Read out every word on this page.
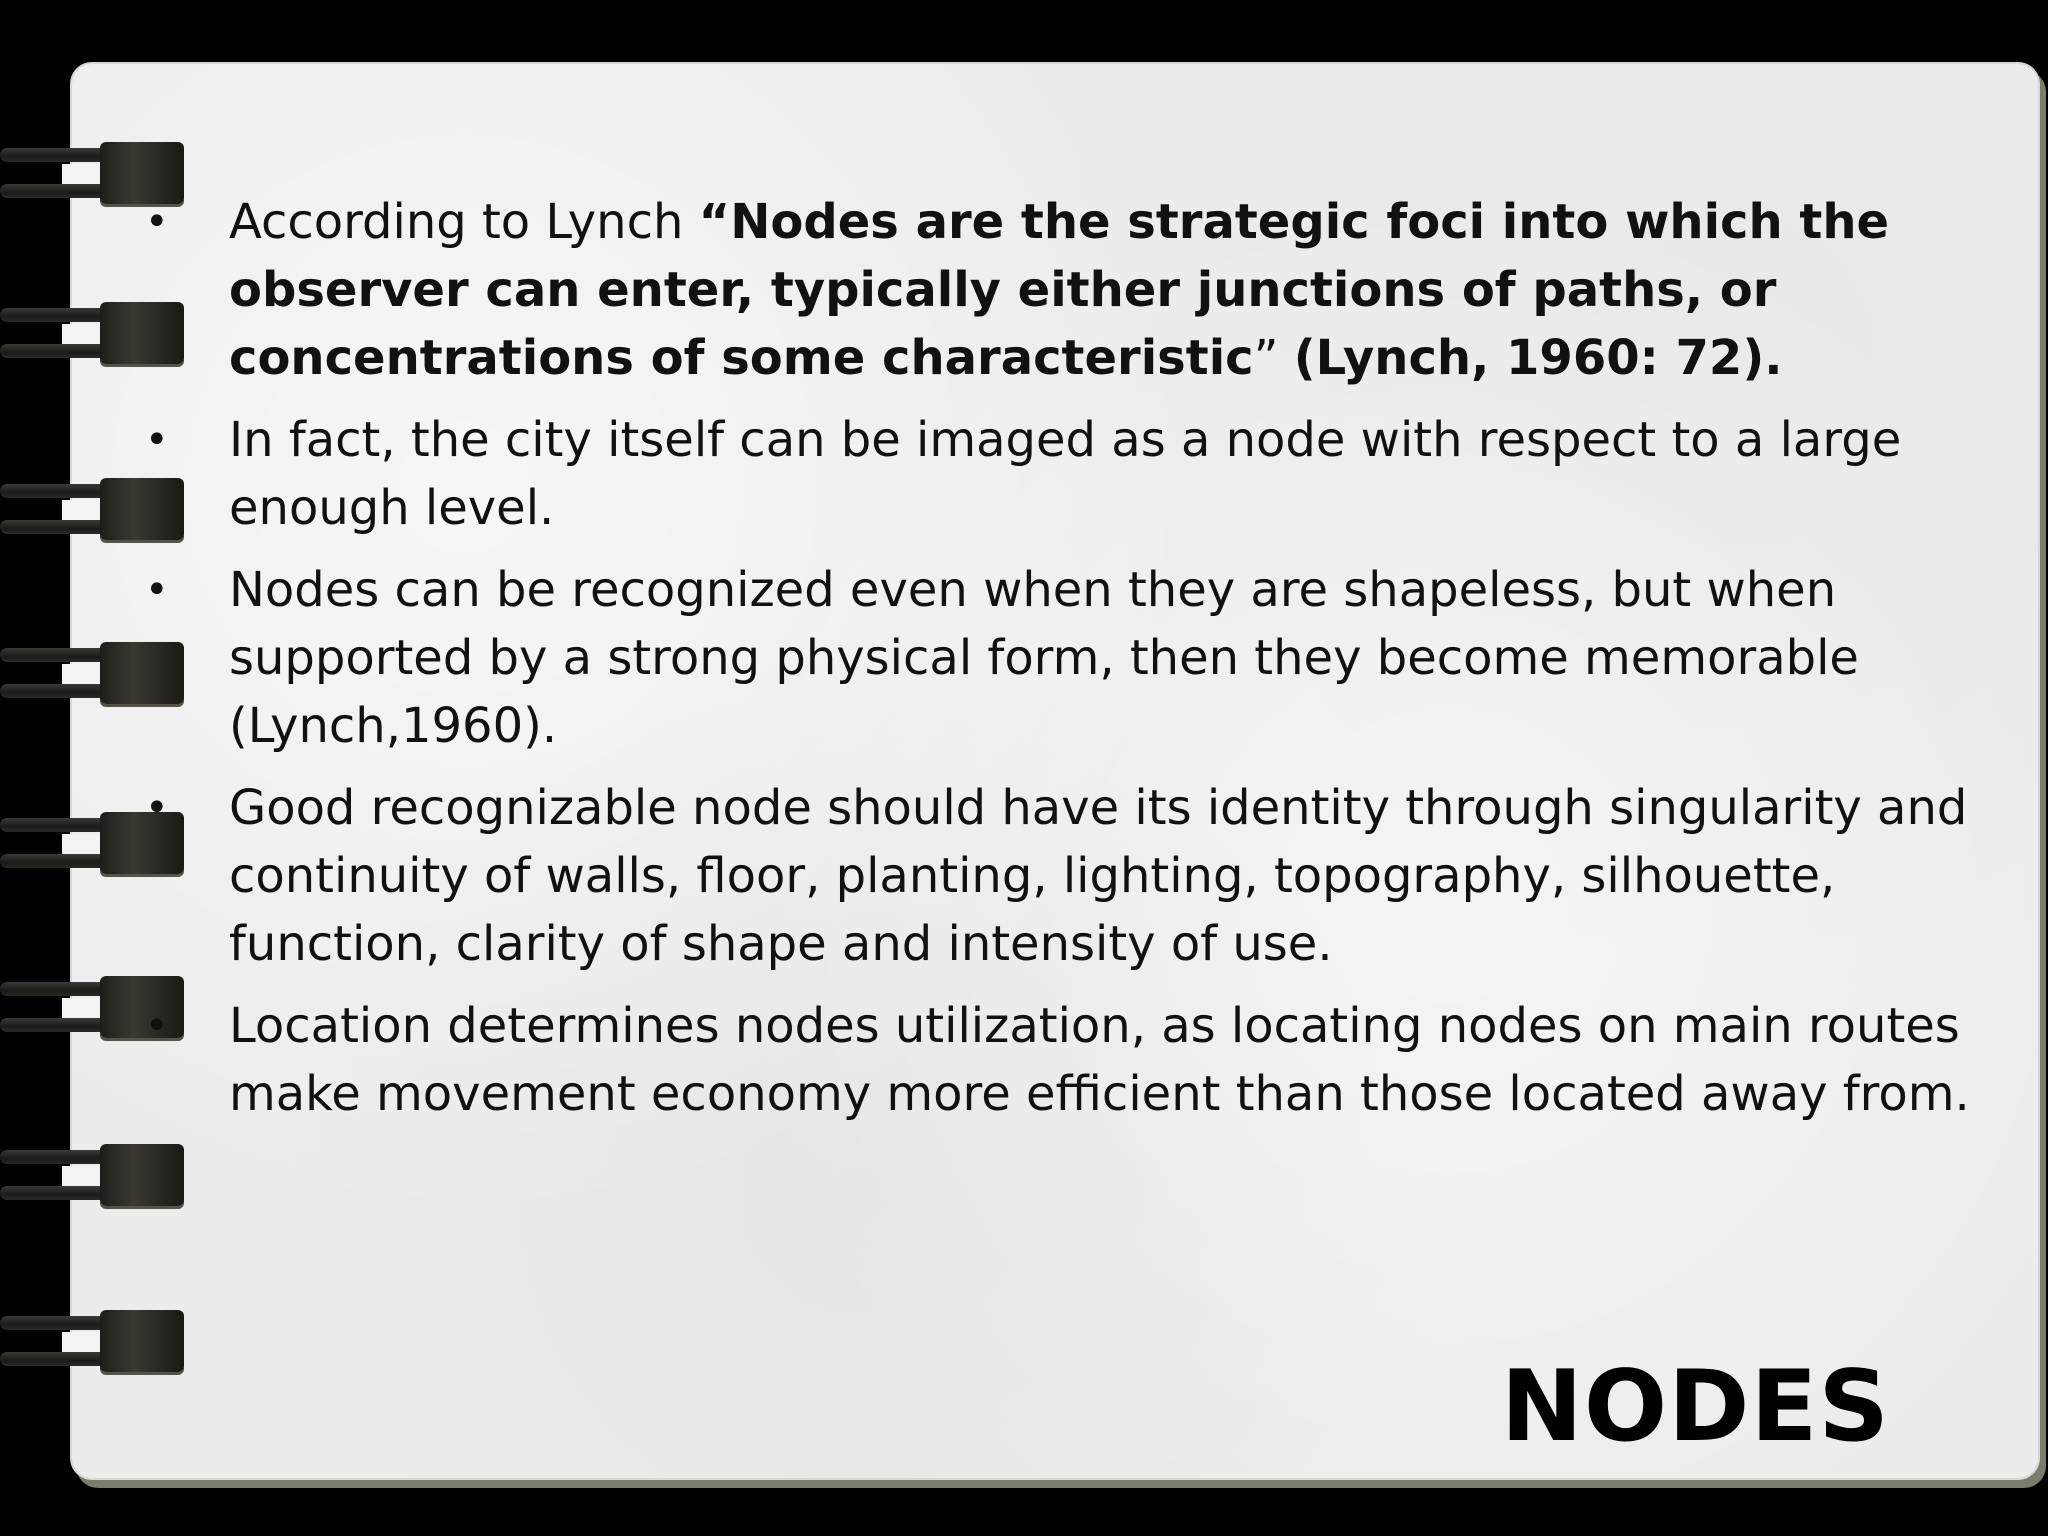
• According to Lynch “Nodes are the strategic foci into which the observer can enter, typically either junctions of paths, or concentrations of some characteristic” (Lynch, 1960: 72).
• In fact, the city itself can be imaged as a node with respect to a large enough level.
• Nodes can be recognized even when they are shapeless, but when supported by a strong physical form, then they become memorable (Lynch,1960).
• Good recognizable node should have its identity through singularity and continuity of walls, floor, planting, lighting, topography, silhouette, function, clarity of shape and intensity of use.
• Location determines nodes utilization, as locating nodes on main routes make movement economy more efficient than those located away from.
NODES
